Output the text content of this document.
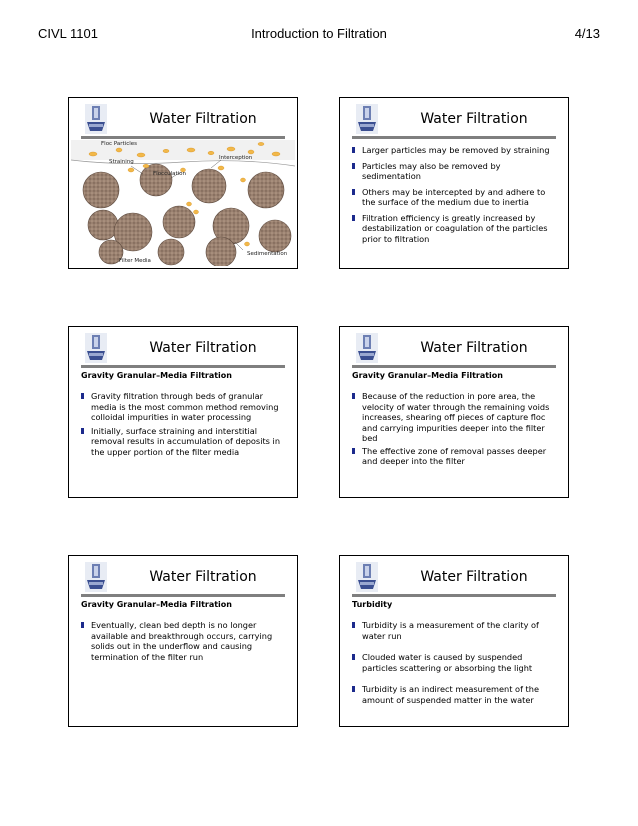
CIVL 1101	Introduction to Filtration	4/13
Water Filtration
Floc Particles
Straining
Interception
Flocculation
Sedimentation
Filter Media
Water Filtration
Larger particles may be removed by straining
Particles may also be removed by sedimentation
Others may be intercepted by and adhere to the surface of the medium due to inertia
Filtration efficiency is greatly increased by destabilization or coagulation of the particles prior to filtration
Water Filtration
Gravity Granular–Media Filtration
Gravity filtration through beds of granular media is the most common method removing colloidal impurities in water processing
Initially, surface straining and interstitial removal results in accumulation of deposits in the upper portion of the filter media
Water Filtration
Gravity Granular–Media Filtration
Because of the reduction in pore area, the velocity of water through the remaining voids increases, shearing off pieces of capture floc and carrying impurities deeper into the filter bed
The effective zone of removal passes deeper and deeper into the filter
Water Filtration
Gravity Granular–Media Filtration
Eventually, clean bed depth is no longer available and breakthrough occurs, carrying solids out in the underflow and causing termination of the filter run
Water Filtration
Turbidity
Turbidity is a measurement of the clarity of water run
Clouded water is caused by suspended particles scattering or absorbing the light
Turbidity is an indirect measurement of the amount of suspended matter in the water
